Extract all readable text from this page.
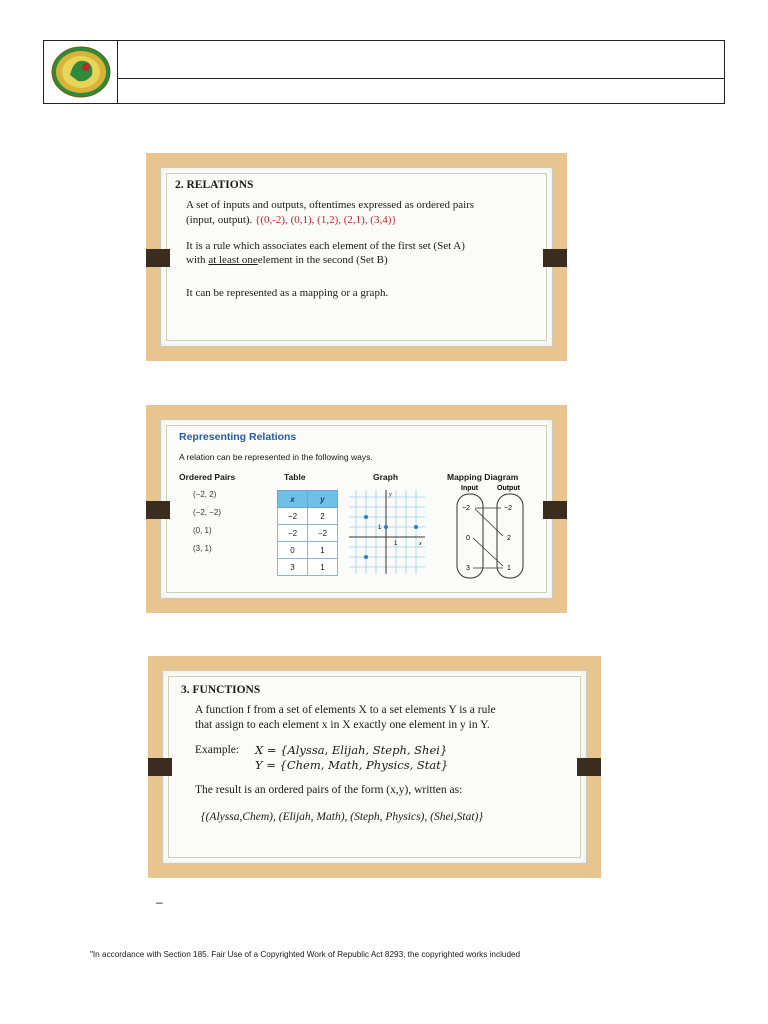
2. RELATIONS
A set of inputs and outputs, oftentimes expressed as ordered pairs
(input, output). {(0,-2), (0,1), (1,2), (2,1), (3,4)}
It is a rule which associates each element of the first set (Set A)
with at least oneelement in the second (Set B)
It can be represented as a mapping or a graph.
Representing Relations
A relation can be represented in the following ways.
Ordered Pairs	Table	Graph	Mapping Diagram
(−2, 2)
(−2, −2)
(0, 1)
(3, 1)
x	y
−2	2
−2	−2
0	1
3	1
y
x
1
1
Input	Output
−2
0
3
−2
2
1
3. FUNCTIONS
A function f from a set of elements X to a set elements Y is a rule
that assign to each element x in X exactly one element in y in Y.
Example: X = {Alyssa, Elijah, Steph, Shei}
Y = {Chem, Math, Physics, Stat}
The result is an ordered pairs of the form (x,y), written as:
{(Alyssa,Chem), (Elijah, Math), (Steph, Physics), (Shei,Stat)}
–
"In accordance with Section 185. Fair Use of a Copyrighted Work of Republic Act 8293, the copyrighted works included
